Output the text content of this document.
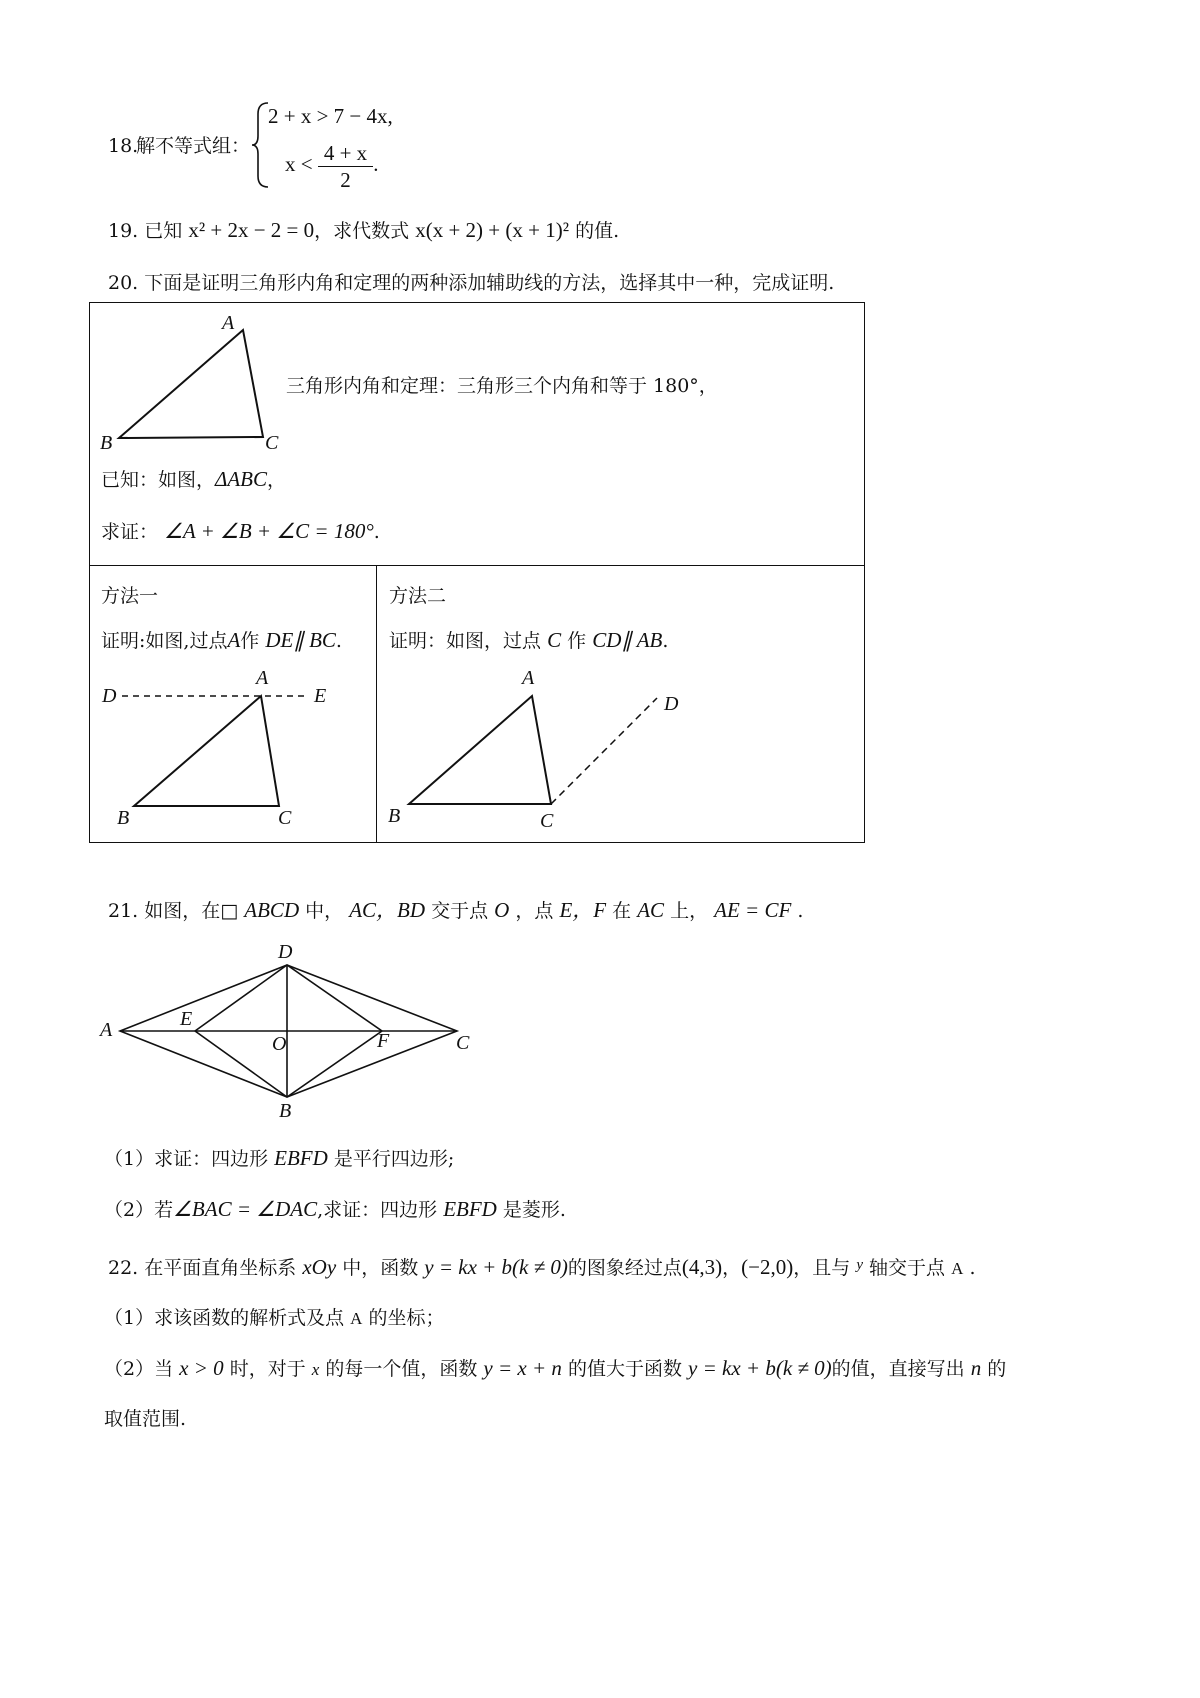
18.
解不等式组：
2 + x > 7 − 4x,
$x < \frac{4 + x}{2}$ .
19. 已知 x² + 2x − 2 = 0，求代数式 x(x + 2) + (x + 1)² 的值.
20. 下面是证明三角形内角和定理的两种添加辅助线的方法，选择其中一种，完成证明.
A
B	C
三角形内角和定理：三角形三个内角和等于 180°，
已知：如图，ΔABC，
求证： ∠A + ∠B + ∠C = 180°.
方法一
证明:如图,过点A作 DE∥ BC.
D
A
E
B	C
方法二
证明：如图，过点 C 作 CD∥ AB.
A
D
B	C
21. 如图，在□ ABCD 中， AC，BD 交于点 O ，点 E，F 在 AC 上， AE = CF .
A
D
E
O	F	C
B
（1）求证：四边形 EBFD 是平行四边形;
（2）若∠BAC = ∠DAC,求证：四边形 EBFD 是菱形.
22. 在平面直角坐标系 xOy 中，函数 y = kx + b(k ≠ 0)的图象经过点(4,3)，(−2,0)，且与 $^y$ 轴交于点 A .
（1）求该函数的解析式及点 A 的坐标；
（2）当 x > 0 时，对于 x 的每一个值，函数 y = x + n 的值大于函数 y = kx + b(k ≠ 0)的值，直接写出 n 的
取值范围.
